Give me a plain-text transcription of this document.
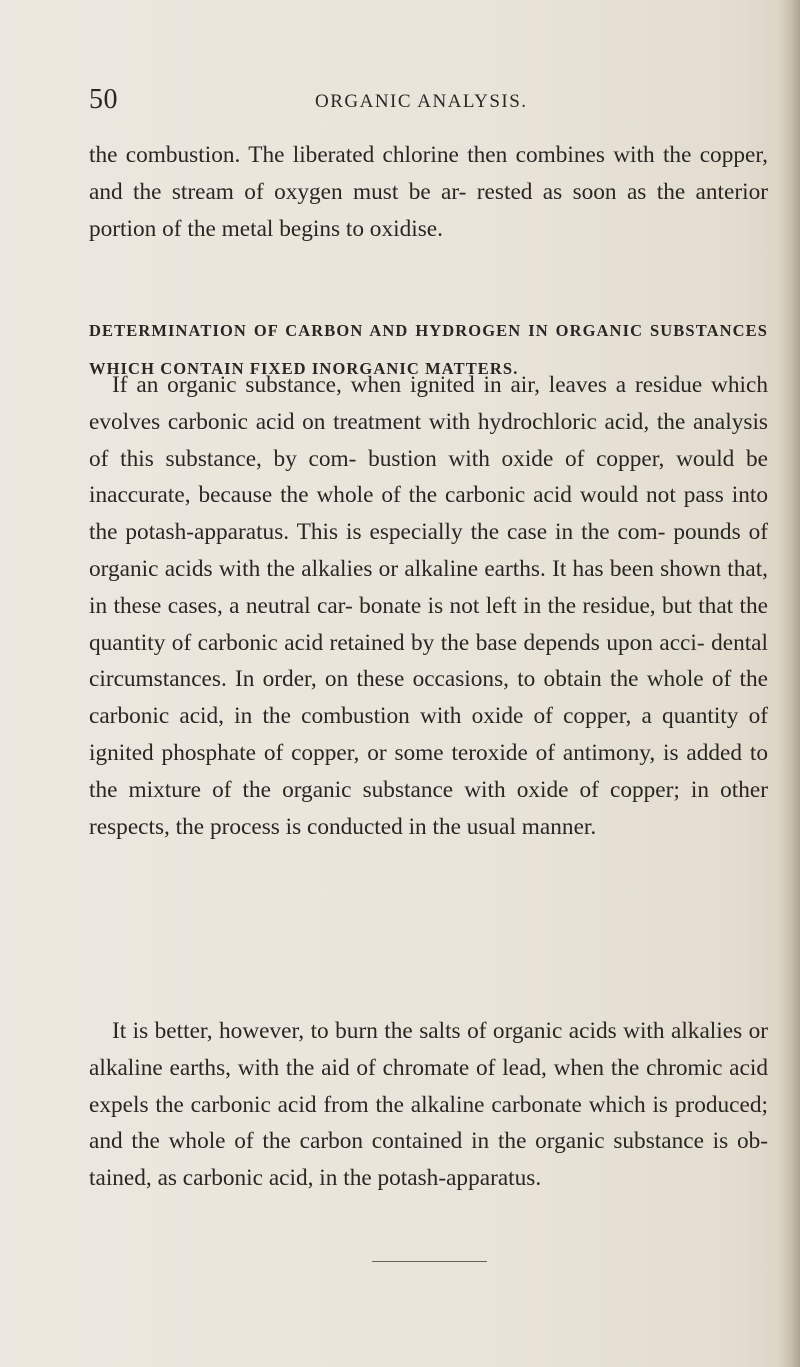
50	ORGANIC ANALYSIS.

the combustion. The liberated chlorine then combines with the copper, and the stream of oxygen must be ar- rested as soon as the anterior portion of the metal begins to oxidise.

DETERMINATION OF CARBON AND HYDROGEN IN ORGANIC SUBSTANCES WHICH CONTAIN FIXED INORGANIC MATTERS.

If an organic substance, when ignited in air, leaves a residue which evolves carbonic acid on treatment with hydrochloric acid, the analysis of this substance, by com- bustion with oxide of copper, would be inaccurate, because the whole of the carbonic acid would not pass into the potash-apparatus. This is especially the case in the com- pounds of organic acids with the alkalies or alkaline earths. It has been shown that, in these cases, a neutral car- bonate is not left in the residue, but that the quantity of carbonic acid retained by the base depends upon acci- dental circumstances. In order, on these occasions, to obtain the whole of the carbonic acid, in the combustion with oxide of copper, a quantity of ignited phosphate of copper, or some teroxide of antimony, is added to the mixture of the organic substance with oxide of copper; in other respects, the process is conducted in the usual manner.

It is better, however, to burn the salts of organic acids with alkalies or alkaline earths, with the aid of chromate of lead, when the chromic acid expels the carbonic acid from the alkaline carbonate which is produced; and the whole of the carbon contained in the organic substance is ob- tained, as carbonic acid, in the potash-apparatus.
